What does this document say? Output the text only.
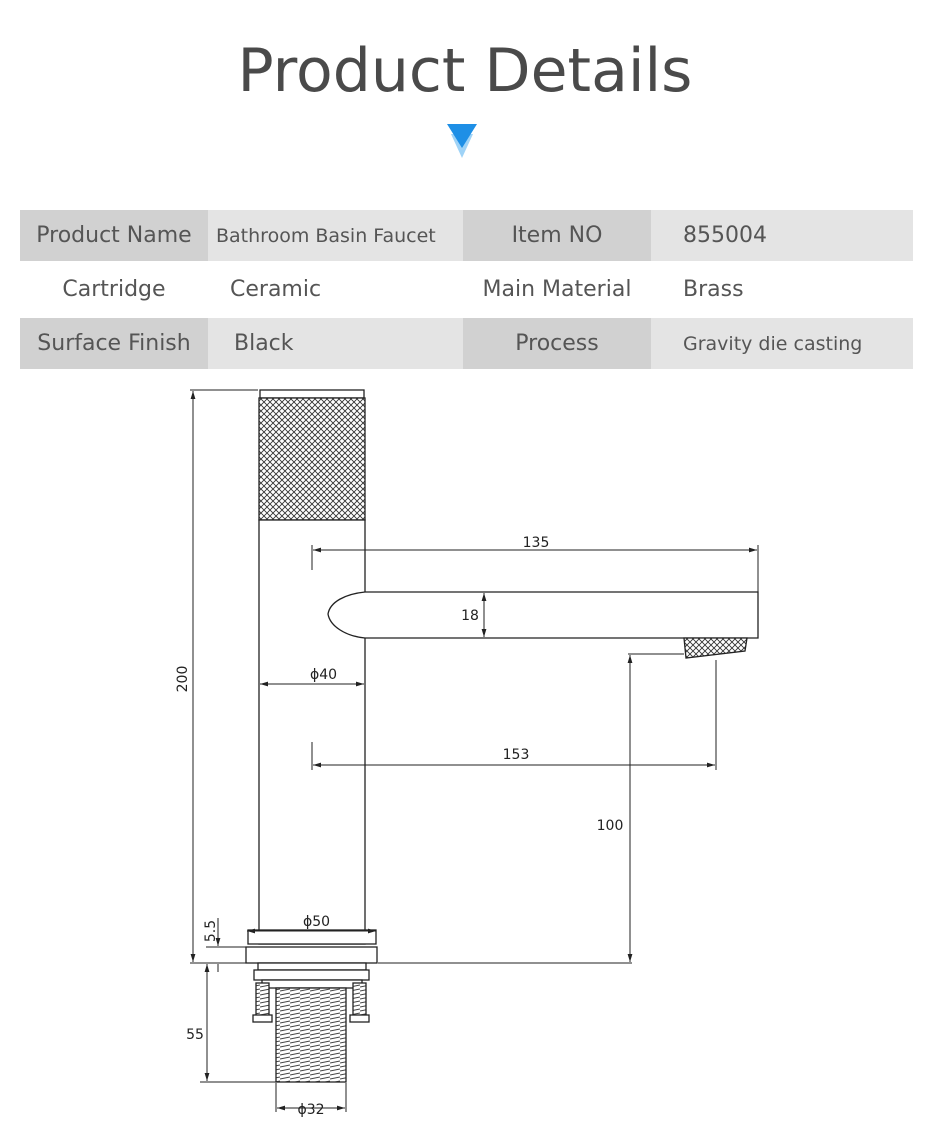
Product Details
Product Name	Bathroom Basin Faucet	Item NO	855004
Cartridge	Ceramic	Main Material	Brass
Surface Finish	Black	Process	Gravity die casting
200
135
18
ϕ40
153
100
ϕ50
5.5
55
ϕ32
